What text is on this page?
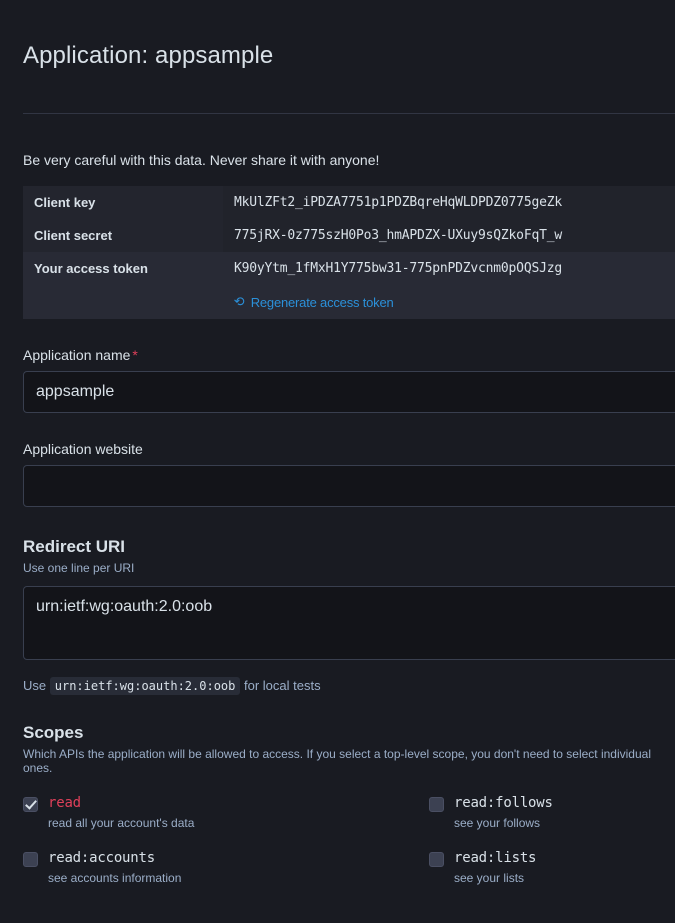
Application: appsample
Be very careful with this data. Never share it with anyone!
Client key	MkUlZFt2_iPDZA7751p1PDZBqreHqWLDPDZ0775geZk
Client secret	775jRX-0z775szH0Po3_hmAPDZX-UXuy9sQZkoFqT_w
Your access token	K90yYtm_1fMxH1Y775bw31-775pnPDZvcnm0pOQSJzg

	⟳ Regenerate access token
Application name *
appsample
Application website
Redirect URI
Use one line per URI
urn:ietf:wg:oauth:2.0:oob
Use urn:ietf:wg:oauth:2.0:oob for local tests
Scopes
Which APIs the application will be allowed to access. If you select a top-level scope, you don't need to select individual ones.
read
read all your account's data
read:follows
see your follows
read:accounts
see accounts information
read:lists
see your lists
